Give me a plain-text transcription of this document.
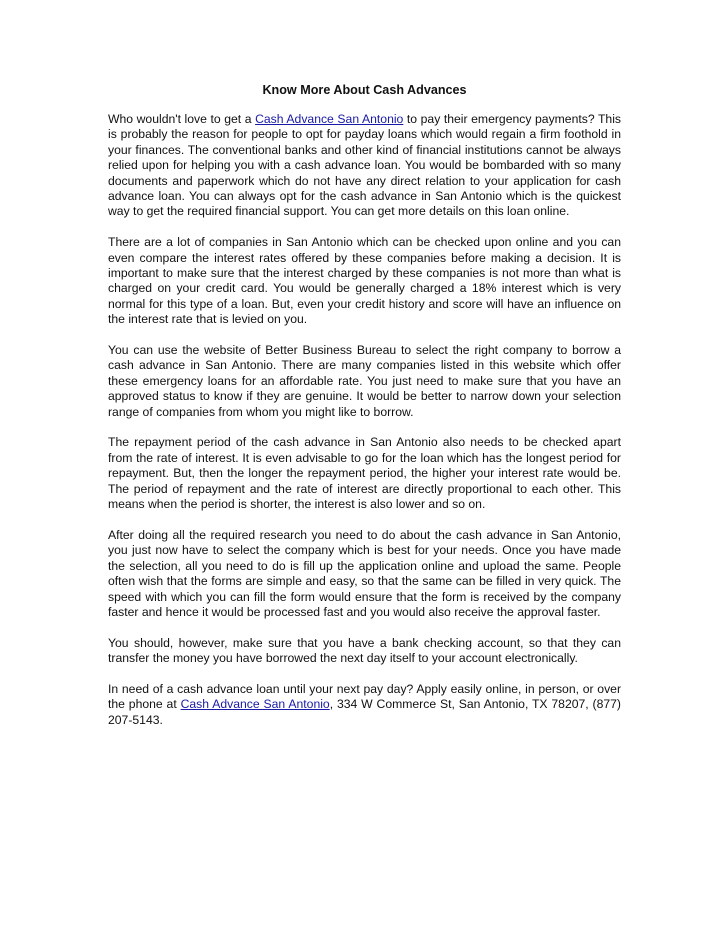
Know More About Cash Advances

Who wouldn't love to get a Cash Advance San Antonio to pay their emergency payments? This is probably the reason for people to opt for payday loans which would regain a firm foothold in your finances. The conventional banks and other kind of financial institutions cannot be always relied upon for helping you with a cash advance loan. You would be bombarded with so many documents and paperwork which do not have any direct relation to your application for cash advance loan. You can always opt for the cash advance in San Antonio which is the quickest way to get the required financial support. You can get more details on this loan online.

There are a lot of companies in San Antonio which can be checked upon online and you can even compare the interest rates offered by these companies before making a decision. It is important to make sure that the interest charged by these companies is not more than what is charged on your credit card. You would be generally charged a 18% interest which is very normal for this type of a loan. But, even your credit history and score will have an influence on the interest rate that is levied on you.

You can use the website of Better Business Bureau to select the right company to borrow a cash advance in San Antonio. There are many companies listed in this website which offer these emergency loans for an affordable rate. You just need to make sure that you have an approved status to know if they are genuine. It would be better to narrow down your selection range of companies from whom you might like to borrow.

The repayment period of the cash advance in San Antonio also needs to be checked apart from the rate of interest. It is even advisable to go for the loan which has the longest period for repayment. But, then the longer the repayment period, the higher your interest rate would be. The period of repayment and the rate of interest are directly proportional to each other. This means when the period is shorter, the interest is also lower and so on.

After doing all the required research you need to do about the cash advance in San Antonio, you just now have to select the company which is best for your needs. Once you have made the selection, all you need to do is fill up the application online and upload the same. People often wish that the forms are simple and easy, so that the same can be filled in very quick. The speed with which you can fill the form would ensure that the form is received by the company faster and hence it would be processed fast and you would also receive the approval faster.

You should, however, make sure that you have a bank checking account, so that they can transfer the money you have borrowed the next day itself to your account electronically.

In need of a cash advance loan until your next pay day? Apply easily online, in person, or over the phone at Cash Advance San Antonio, 334 W Commerce St, San Antonio, TX 78207, (877) 207-5143.
